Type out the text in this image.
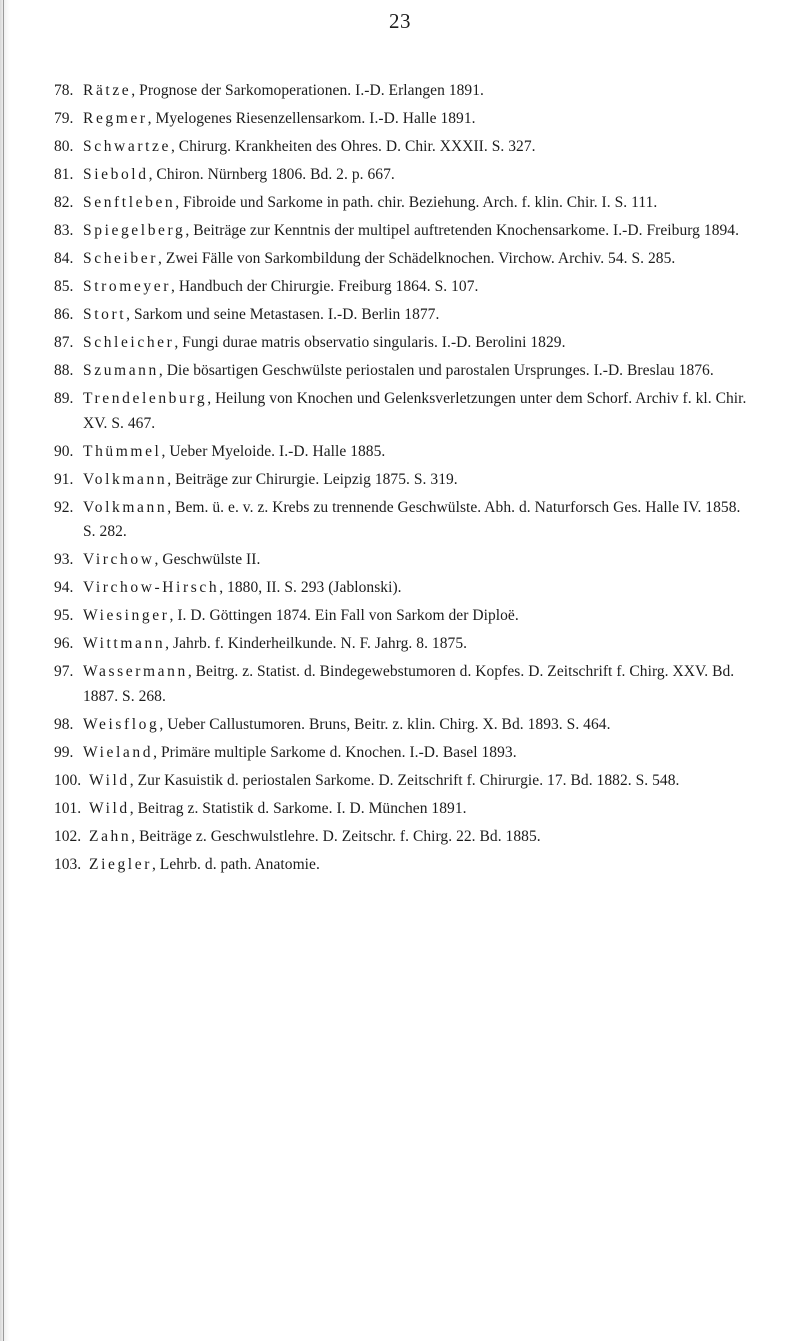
23
78. Rätze, Prognose der Sarkomoperationen. I.-D. Erlangen 1891.
79. Regmer, Myelogenes Riesenzellensarkom. I.-D. Halle 1891.
80. Schwartze, Chirurg. Krankheiten des Ohres. D. Chir. XXXII. S. 327.
81. Siebold, Chiron. Nürnberg 1806. Bd. 2. p. 667.
82. Senftleben, Fibroide und Sarkome in path. chir. Beziehung. Arch. f. klin. Chir. I. S. 111.
83. Spiegelberg, Beiträge zur Kenntnis der multipel auftretenden Knochensarkome. I.-D. Freiburg 1894.
84. Scheiber, Zwei Fälle von Sarkombildung der Schädelknochen. Virchow. Archiv. 54. S. 285.
85. Stromeyer, Handbuch der Chirurgie. Freiburg 1864. S. 107.
86. Stort, Sarkom und seine Metastasen. I.-D. Berlin 1877.
87. Schleicher, Fungi durae matris observatio singularis. I.-D. Berolini 1829.
88. Szumann, Die bösartigen Geschwülste periostalen und parostalen Ursprunges. I.-D. Breslau 1876.
89. Trendelenburg, Heilung von Knochen und Gelenksverletzungen unter dem Schorf. Archiv f. kl. Chir. XV. S. 467.
90. Thümmel, Ueber Myeloide. I.-D. Halle 1885.
91. Volkmann, Beiträge zur Chirurgie. Leipzig 1875. S. 319.
92. Volkmann, Bem. ü. e. v. z. Krebs zu trennende Geschwülste. Abh. d. Naturforsch Ges. Halle IV. 1858. S. 282.
93. Virchow, Geschwülste II.
94. Virchow-Hirsch, 1880, II. S. 293 (Jablonski).
95. Wiesinger, I. D. Göttingen 1874. Ein Fall von Sarkom der Diploë.
96. Wittmann, Jahrb. f. Kinderheilkunde. N. F. Jahrg. 8. 1875.
97. Wassermann, Beitrg. z. Statist. d. Bindegewebstumoren d. Kopfes. D. Zeitschrift f. Chirg. XXV. Bd. 1887. S. 268.
98. Weisflog, Ueber Callustumoren. Bruns, Beitr. z. klin. Chirg. X. Bd. 1893. S. 464.
99. Wieland, Primäre multiple Sarkome d. Knochen. I.-D. Basel 1893.
100. Wild, Zur Kasuistik d. periostalen Sarkome. D. Zeitschrift f. Chirurgie. 17. Bd. 1882. S. 548.
101. Wild, Beitrag z. Statistik d. Sarkome. I. D. München 1891.
102. Zahn, Beiträge z. Geschwulstlehre. D. Zeitschr. f. Chirg. 22. Bd. 1885.
103. Ziegler, Lehrb. d. path. Anatomie.
